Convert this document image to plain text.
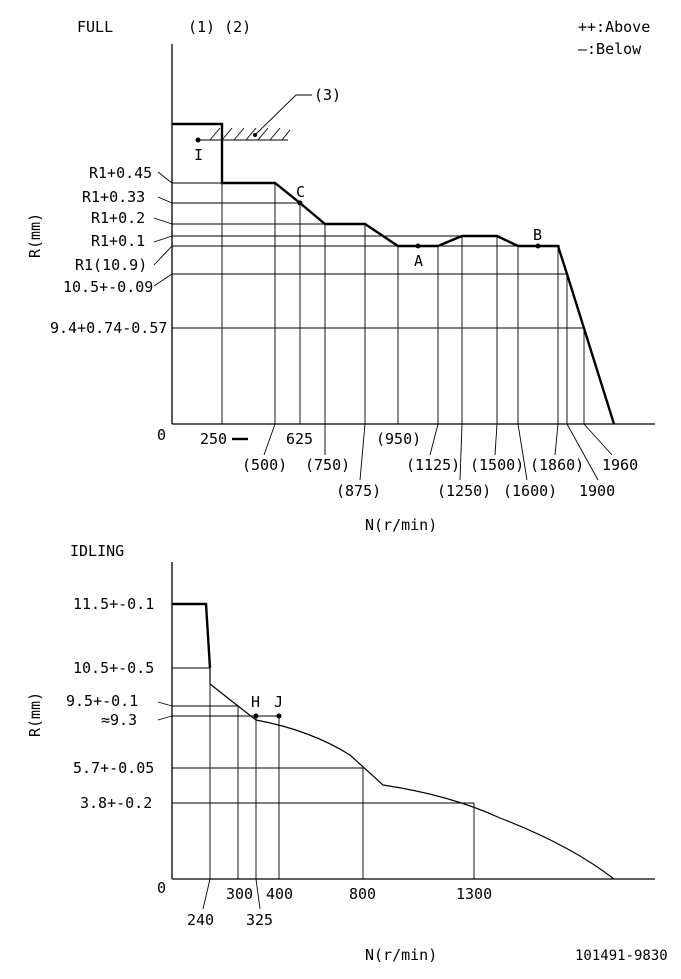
FULL	(1) (2)	++:Above
—:Below
(3)
I
C
A
B
R1+0.45
R1+0.33
R1+0.2
R1+0.1
R1(10.9)
10.5+-0.09
9.4+0.74-0.57
0
R(mm)
250	625	(950)
1960
(500) (750)	(1125) (1500) (1860)
(875)	(1250) (1600) 1900
N(r/min)
IDLING
H J
11.5+-0.1
10.5+-0.5
9.5+-0.1
≈9.3
5.7+-0.05
3.8+-0.2
0
R(mm)
300 400	800	1300
240 325
N(r/min)	101491-9830
